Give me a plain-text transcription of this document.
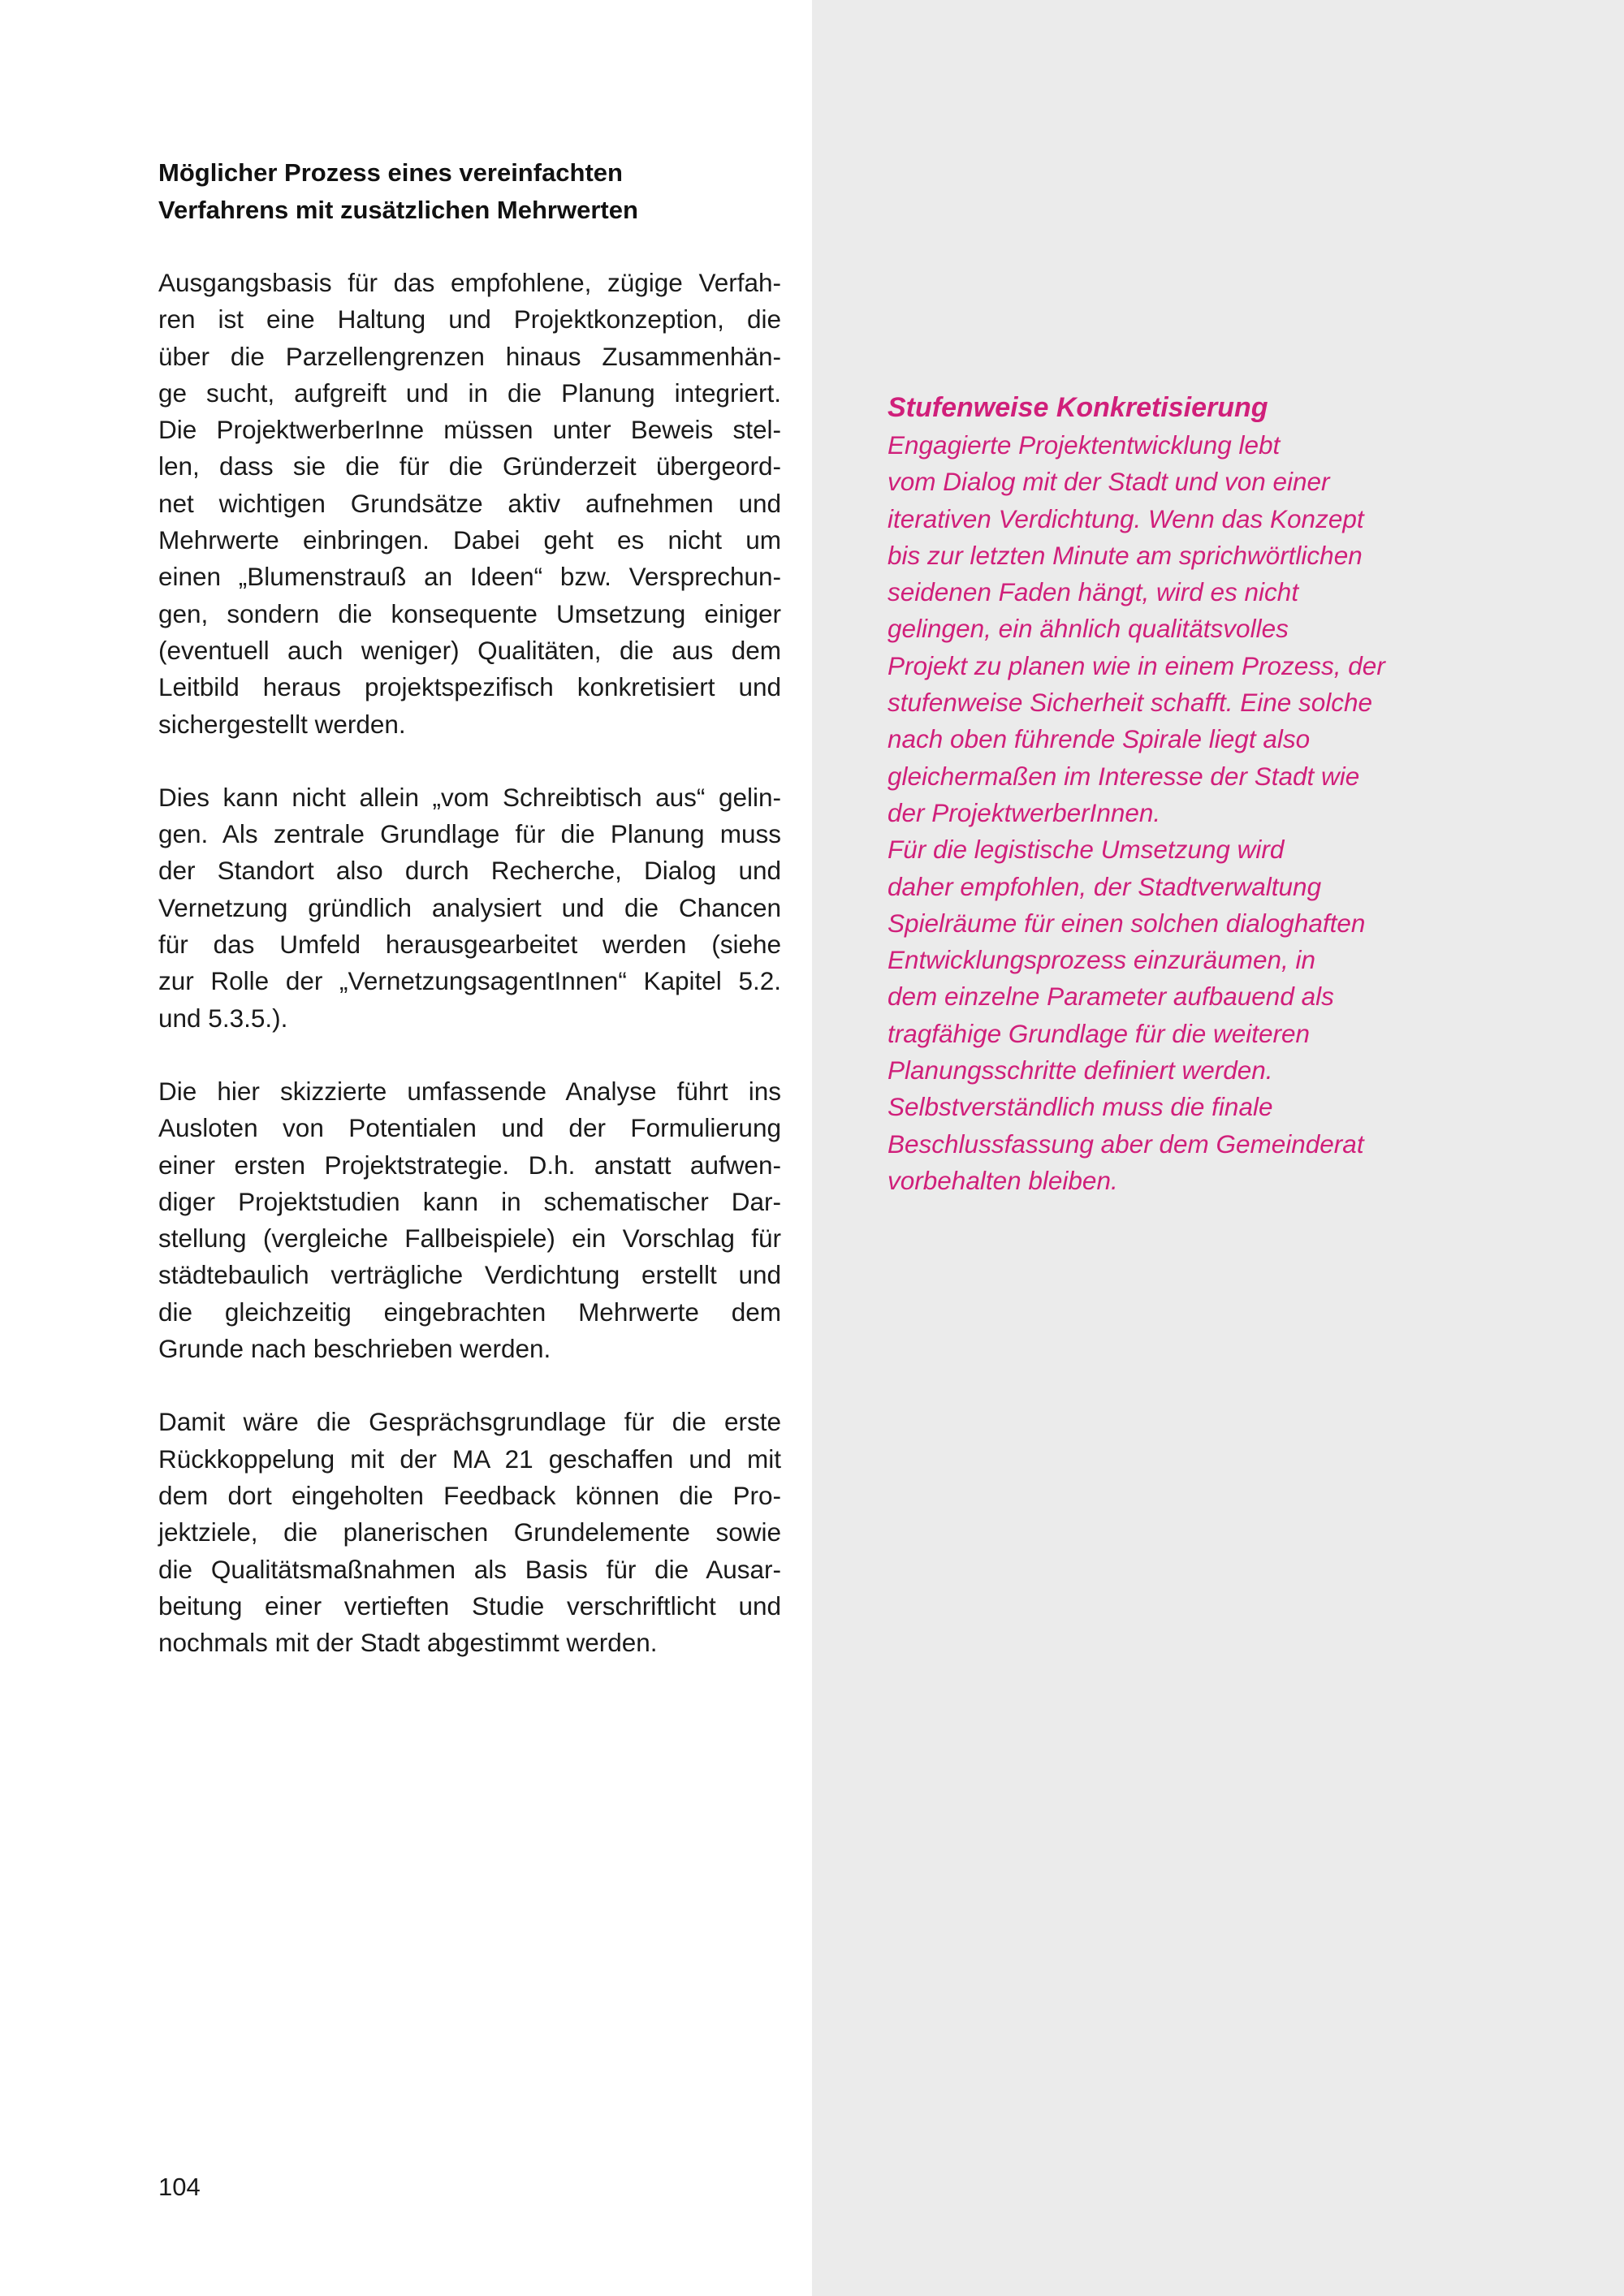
Möglicher Prozess eines vereinfachten
Verfahrens mit zusätzlichen Mehrwerten
Ausgangsbasis für das empfohlene, zügige Verfah-
ren ist eine Haltung und Projektkonzeption, die
über die Parzellengrenzen hinaus Zusammenhän-
ge sucht, aufgreift und in die Planung integriert.
Die ProjektwerberInne müssen unter Beweis stel-
len, dass sie die für die Gründerzeit übergeord-
net wichtigen Grundsätze aktiv aufnehmen und
Mehrwerte einbringen. Dabei geht es nicht um
einen „Blumenstrauß an Ideen“ bzw. Versprechun-
gen, sondern die konsequente Umsetzung einiger
(eventuell auch weniger) Qualitäten, die aus dem
Leitbild heraus projektspezifisch konkretisiert und
sichergestellt werden.
Dies kann nicht allein „vom Schreibtisch aus“ gelin-
gen. Als zentrale Grundlage für die Planung muss
der Standort also durch Recherche, Dialog und
Vernetzung gründlich analysiert und die Chancen
für das Umfeld herausgearbeitet werden (siehe
zur Rolle der „VernetzungsagentInnen“ Kapitel 5.2.
und 5.3.5.).
Die hier skizzierte umfassende Analyse führt ins
Ausloten von Potentialen und der Formulierung
einer ersten Projektstrategie. D.h. anstatt aufwen-
diger Projektstudien kann in schematischer Dar-
stellung (vergleiche Fallbeispiele) ein Vorschlag für
städtebaulich verträgliche Verdichtung erstellt und
die gleichzeitig eingebrachten Mehrwerte dem
Grunde nach beschrieben werden.
Damit wäre die Gesprächsgrundlage für die erste
Rückkoppelung mit der MA 21 geschaffen und mit
dem dort eingeholten Feedback können die Pro-
jektziele, die planerischen Grundelemente sowie
die Qualitätsmaßnahmen als Basis für die Ausar-
beitung einer vertieften Studie verschriftlicht und
nochmals mit der Stadt abgestimmt werden.
Stufenweise Konkretisierung
Engagierte Projektentwicklung lebt
vom Dialog mit der Stadt und von einer
iterativen Verdichtung. Wenn das Konzept
bis zur letzten Minute am sprichwörtlichen
seidenen Faden hängt, wird es nicht
gelingen, ein ähnlich qualitätsvolles
Projekt zu planen wie in einem Prozess, der
stufenweise Sicherheit schafft. Eine solche
nach oben führende Spirale liegt also
gleichermaßen im Interesse der Stadt wie
der ProjektwerberInnen.
Für die legistische Umsetzung wird
daher empfohlen, der Stadtverwaltung
Spielräume für einen solchen dialoghaften
Entwicklungsprozess einzuräumen, in
dem einzelne Parameter aufbauend als
tragfähige Grundlage für die weiteren
Planungsschritte definiert werden.
Selbstverständlich muss die finale
Beschlussfassung aber dem Gemeinderat
vorbehalten bleiben.
104
